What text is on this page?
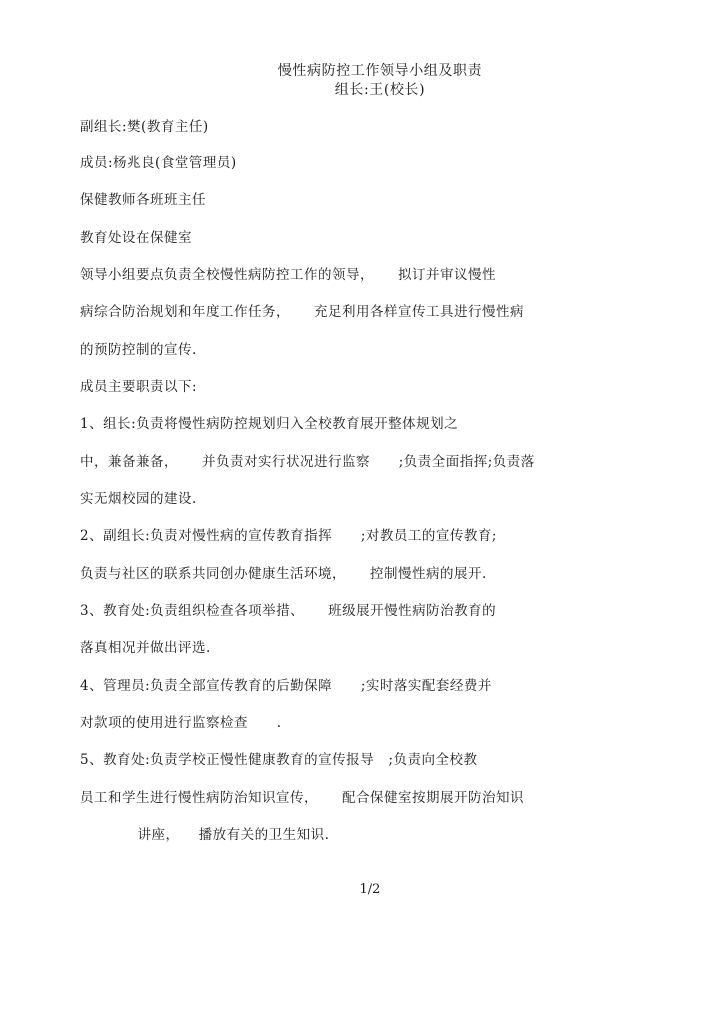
慢性病防控工作领导小组及职责
组长:王(校长)
副组长:樊(教育主任)
成员:杨兆良(食堂管理员)
保健教师各班班主任
教育处设在保健室
领导小组要点负责全校慢性病防控工作的领导，     拟订并审议慢性
病综合防治规划和年度工作任务，     充足利用各样宣传工具进行慢性病
的预防控制的宣传.
成员主要职责以下:
1、组长:负责将慢性病防控规划归入全校教育展开整体规划之
中，兼备兼备，     并负责对实行状况进行监察      ;负责全面指挥;负责落
实无烟校园的建设.
2、副组长:负责对慢性病的宣传教育指挥      ;对教员工的宣传教育;
负责与社区的联系共同创办健康生活环境，     控制慢性病的展开.
3、教育处:负责组织检查各项举措、     班级展开慢性病防治教育的
落真相况并做出评选.
4、管理员:负责全部宣传教育的后勤保障      ;实时落实配套经费并
对款项的使用进行监察检查      .
5、教育处:负责学校正慢性健康教育的宣传报导   ;负责向全校教
员工和学生进行慢性病防治知识宣传，     配合保健室按期展开防治知识
讲座，    播放有关的卫生知识.
1/2
